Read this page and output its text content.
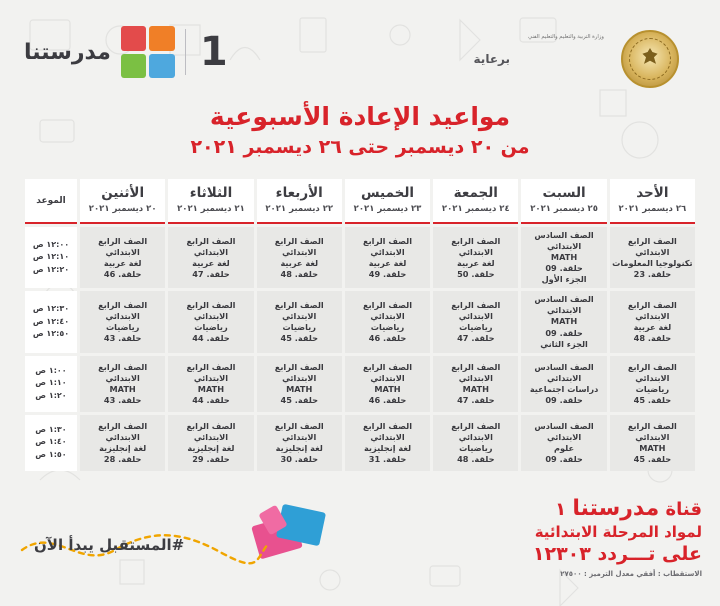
وزارة التربية والتعليم والتعليم الفني
برعاية
1
مدرستنا
مواعيد الإعادة الأسبوعية
من ٢٠ ديسمبر حتى ٢٦ ديسمبر ٢٠٢١
الأحد
٢٦ ديسمبر ٢٠٢١	السبت
٢٥ ديسمبر ٢٠٢١	الجمعة
٢٤ ديسمبر ٢٠٢١	الخميس
٢٣ ديسمبر ٢٠٢١	الأربعاء
٢٢ ديسمبر ٢٠٢١	الثلاثاء
٢١ ديسمبر ٢٠٢١	الأثنين
٢٠ ديسمبر ٢٠٢١	الموعد

الصف الرابع الابتدائي
تكنولوجيا المعلومات
حلقة. 23	الصف السادس الابتدائي
MATH
حلقة. 09
الجزء الأول	الصف الرابع الابتدائي
لغة عربية
حلقة. 50	الصف الرابع الابتدائي
لغة عربية
حلقة. 49	الصف الرابع الابتدائي
لغة عربية
حلقة. 48	الصف الرابع الابتدائي
لغة عربية
حلقة. 47	الصف الرابع الابتدائي
لغة عربية
حلقة. 46	١٢:٠٠ ص
١٢:١٠ ص
١٢:٢٠ ص

الصف الرابع الابتدائي
لغة عربية
حلقة. 48	الصف السادس الابتدائي
MATH
حلقة. 09
الجزء الثاني	الصف الرابع الابتدائي
رياضيات
حلقة. 47	الصف الرابع الابتدائي
رياضيات
حلقة. 46	الصف الرابع الابتدائي
رياضيات
حلقة. 45	الصف الرابع الابتدائي
رياضيات
حلقة. 44	الصف الرابع الابتدائي
رياضيات
حلقة. 43	١٢:٣٠ ص
١٢:٤٠ ص
١٢:٥٠ ص

الصف الرابع الابتدائي
رياضيات
حلقة. 45	الصف السادس الابتدائي
دراسات اجتماعية
حلقة. 09	الصف الرابع الابتدائي
MATH
حلقة. 47	الصف الرابع الابتدائي
MATH
حلقة. 46	الصف الرابع الابتدائي
MATH
حلقة. 45	الصف الرابع الابتدائي
MATH
حلقة. 44	الصف الرابع الابتدائي
MATH
حلقة. 43	١:٠٠ ص
١:١٠ ص
١:٢٠ ص

الصف الرابع الابتدائي
MATH
حلقة. 45	الصف السادس الابتدائي
علوم
حلقة. 09	الصف الرابع الابتدائي
رياضيات
حلقة. 48	الصف الرابع الابتدائي
لغة إنجليزية
حلقة. 31	الصف الرابع الابتدائي
لغة إنجليزية
حلقة. 30	الصف الرابع الابتدائي
لغة إنجليزية
حلقة. 29	الصف الرابع الابتدائي
لغة إنجليزية
حلقة. 28	١:٣٠ ص
١:٤٠ ص
١:٥٠ ص
قناة مدرستنا ١
لمواد المرحلة الابتدائية
على تـــردد ١٢٣٠٣
الاستقطاب : أفقي معدل الترميز : ٢٧٥٠٠
#المستقبل يبدأ الآن
